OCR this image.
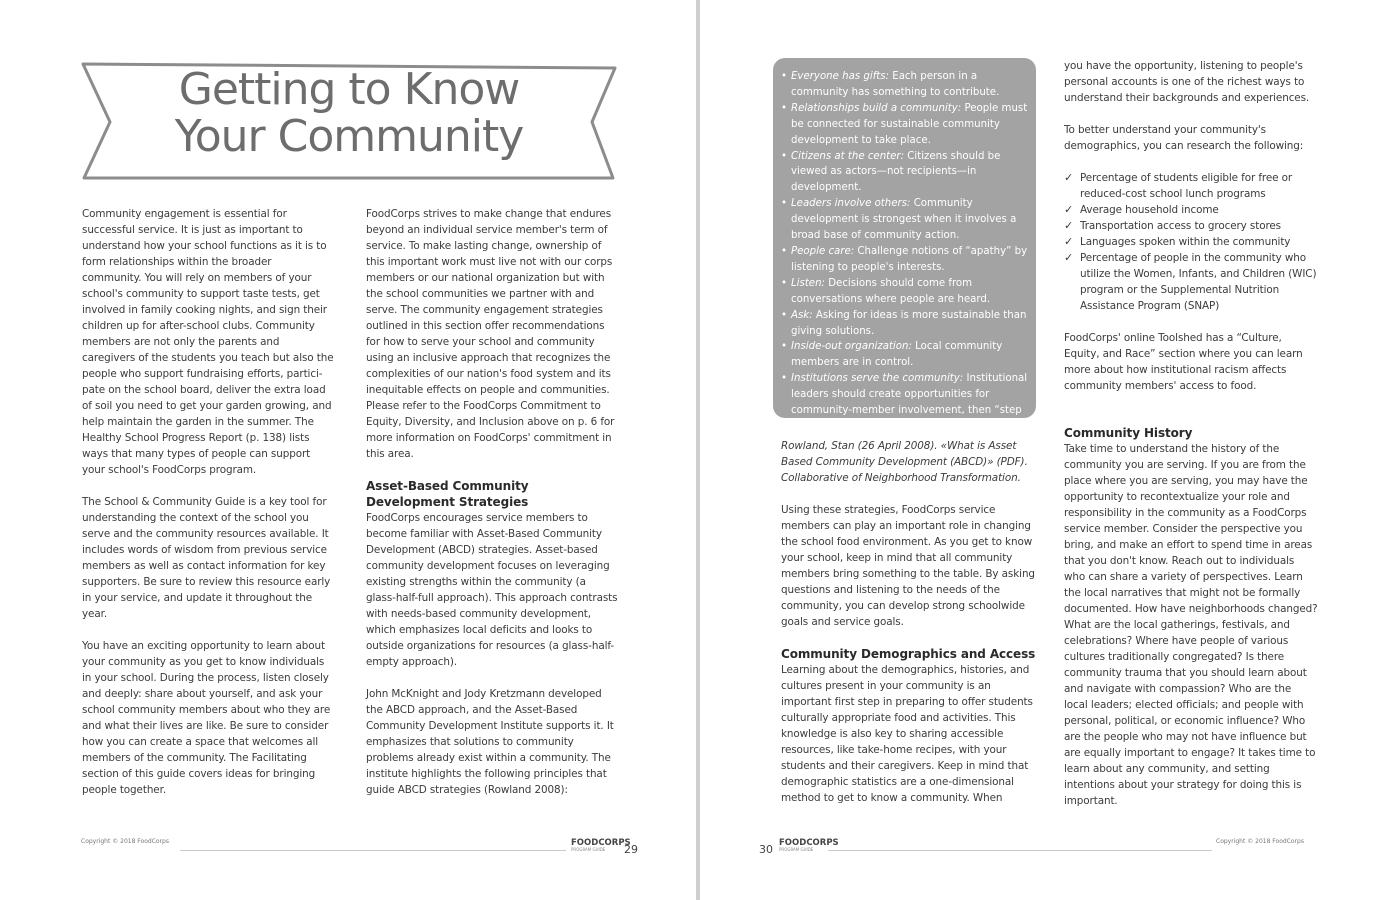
Getting to Know
Your Community

Community engagement is essential for successful service. It is just as important to understand how your school functions as it is to form relationships within the broader community. You will rely on members of your school's community to support taste tests, get involved in family cooking nights, and sign their children up for after-school clubs. Community members are not only the parents and caregivers of the students you teach but also the people who support fundraising efforts, participate on the school board, deliver the extra load of soil you need to get your garden growing, and help maintain the garden in the summer. The Healthy School Progress Report (p. 138) lists ways that many types of people can support your school's FoodCorps program.

The School & Community Guide is a key tool for understanding the context of the school you serve and the community resources available. It includes words of wisdom from previous service members as well as contact information for key supporters. Be sure to review this resource early in your service, and update it throughout the year.

You have an exciting opportunity to learn about your community as you get to know individuals in your school. During the process, listen closely and deeply: share about yourself, and ask your school community members about who they are and what their lives are like. Be sure to consider how you can create a space that welcomes all members of the community. The Facilitating section of this guide covers ideas for bringing people together.

FoodCorps strives to make change that endures beyond an individual service member's term of service. To make lasting change, ownership of this important work must live not with our corps members or our national organization but with the school communities we partner with and serve. The community engagement strategies outlined in this section offer recommendations for how to serve your school and community using an inclusive approach that recognizes the complexities of our nation's food system and its inequitable effects on people and communities. Please refer to the FoodCorps Commitment to Equity, Diversity, and Inclusion above on p. 6 for more information on FoodCorps' commitment in this area.

Asset-Based Community Development Strategies

FoodCorps encourages service members to become familiar with Asset-Based Community Development (ABCD) strategies. Asset-based community development focuses on leveraging existing strengths within the community (a glass-half-full approach). This approach contrasts with needs-based community development, which emphasizes local deficits and looks to outside organizations for resources (a glass-half-empty approach).

John McKnight and Jody Kretzmann developed the ABCD approach, and the Asset-Based Community Development Institute supports it. It emphasizes that solutions to community problems already exist within a community. The institute highlights the following principles that guide ABCD strategies (Rowland 2008):

Copyright © 2018 FoodCorps	FOODCORPS
PROGRAM GUIDE	29
• Everyone has gifts: Each person in a community has something to contribute.
• Relationships build a community: People must be connected for sustainable community development to take place.
• Citizens at the center: Citizens should be viewed as actors—not recipients—in development.
• Leaders involve others: Community development is strongest when it involves a broad base of community action.
• People care: Challenge notions of “apathy” by listening to people's interests.
• Listen: Decisions should come from conversations where people are heard.
• Ask: Asking for ideas is more sustainable than giving solutions.
• Inside-out organization: Local community members are in control.
• Institutions serve the community: Institutional leaders should create opportunities for community-member involvement, then “step back.”

Rowland, Stan (26 April 2008). «What is Asset Based Community Development (ABCD)» (PDF). Collaborative of Neighborhood Transformation.

Using these strategies, FoodCorps service members can play an important role in changing the school food environment. As you get to know your school, keep in mind that all community members bring something to the table. By asking questions and listening to the needs of the community, you can develop strong schoolwide goals and service goals.

Community Demographics and Access

Learning about the demographics, histories, and cultures present in your community is an important first step in preparing to offer students culturally appropriate food and activities. This knowledge is also key to sharing accessible resources, like take-home recipes, with your students and their caregivers. Keep in mind that demographic statistics are a one-dimensional method to get to know a community. When

you have the opportunity, listening to people's personal accounts is one of the richest ways to understand their backgrounds and experiences.

To better understand your community's demographics, you can research the following:

✓ Percentage of students eligible for free or reduced-cost school lunch programs
✓ Average household income
✓ Transportation access to grocery stores
✓ Languages spoken within the community
✓ Percentage of people in the community who utilize the Women, Infants, and Children (WIC) program or the Supplemental Nutrition Assistance Program (SNAP)

FoodCorps' online Toolshed has a “Culture, Equity, and Race” section where you can learn more about how institutional racism affects community members' access to food.

Community History

Take time to understand the history of the community you are serving. If you are from the place where you are serving, you may have the opportunity to recontextualize your role and responsibility in the community as a FoodCorps service member. Consider the perspective you bring, and make an effort to spend time in areas that you don't know. Reach out to individuals who can share a variety of perspectives. Learn the local narratives that might not be formally documented. How have neighborhoods changed? What are the local gatherings, festivals, and celebrations? Where have people of various cultures traditionally congregated? Is there community trauma that you should learn about and navigate with compassion? Who are the local leaders; elected officials; and people with personal, political, or economic influence? Who are the people who may not have influence but are equally important to engage? It takes time to learn about any community, and setting intentions about your strategy for doing this is important.

30 FOODCORPS
PROGRAM GUIDE
Copyright © 2018 FoodCorps
